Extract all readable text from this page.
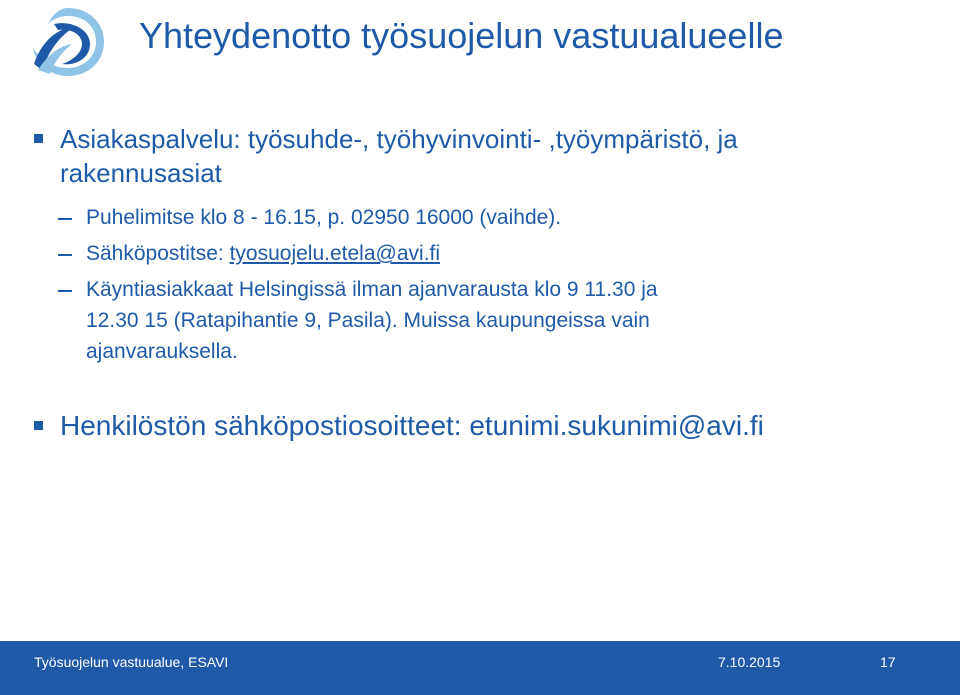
Yhteydenotto työsuojelun vastuualueelle
Asiakaspalvelu: työsuhde-, työhyvinvointi- ,työympäristö, ja
rakennusasiat
Puhelimitse klo 8 - 16.15, p. 02950 16000 (vaihde).
Sähköpostitse: tyosuojelu.etela@avi.fi
Käyntiasiakkaat Helsingissä ilman ajanvarausta klo 9 11.30 ja
12.30 15 (Ratapihantie 9, Pasila). Muissa kaupungeissa vain
ajanvarauksella.
Henkilöstön sähköpostiosoitteet: etunimi.sukunimi@avi.fi
Työsuojelun vastuualue, ESAVI	7.10.2015	17
